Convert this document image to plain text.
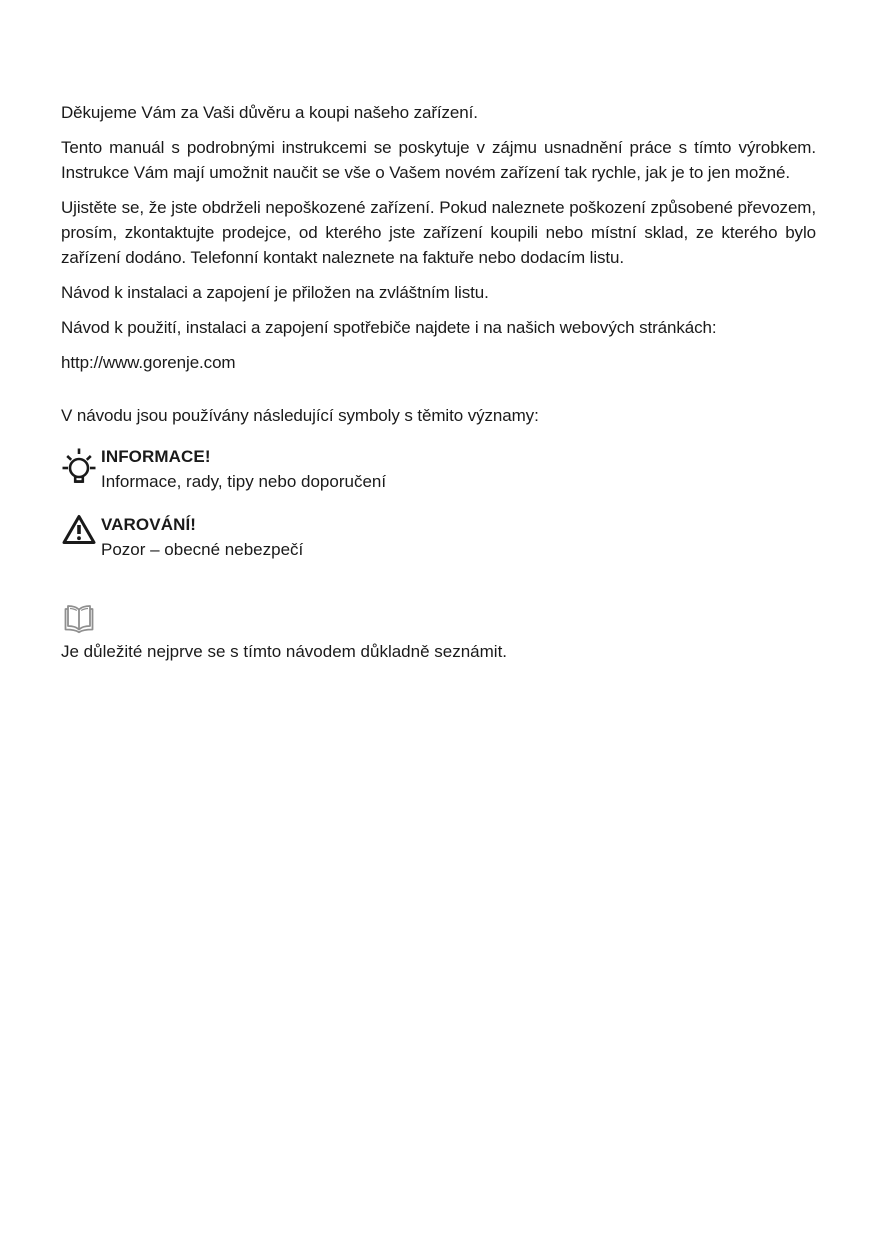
Děkujeme Vám za Vaši důvěru a koupi našeho zařízení.

Tento manuál s podrobnými instrukcemi se poskytuje v zájmu usnadnění práce s tímto výrobkem. Instrukce Vám mají umožnit naučit se vše o Vašem novém zařízení tak rychle, jak je to jen možné.

Ujistěte se, že jste obdrželi nepoškozené zařízení. Pokud naleznete poškození způsobené převozem, prosím, zkontaktujte prodejce, od kterého jste zařízení koupili nebo místní sklad, ze kterého bylo zařízení dodáno. Telefonní kontakt naleznete na faktuře nebo dodacím listu.

Návod k instalaci a zapojení je přiložen na zvláštním listu.

Návod k použití, instalaci a zapojení spotřebiče najdete i na našich webových stránkách:

http://www.gorenje.com

V návodu jsou používány následující symboly s těmito významy:

INFORMACE!
Informace, rady, tipy nebo doporučení
VAROVÁNÍ!
Pozor – obecné nebezpečí

Je důležité nejprve se s tímto návodem důkladně seznámit.
